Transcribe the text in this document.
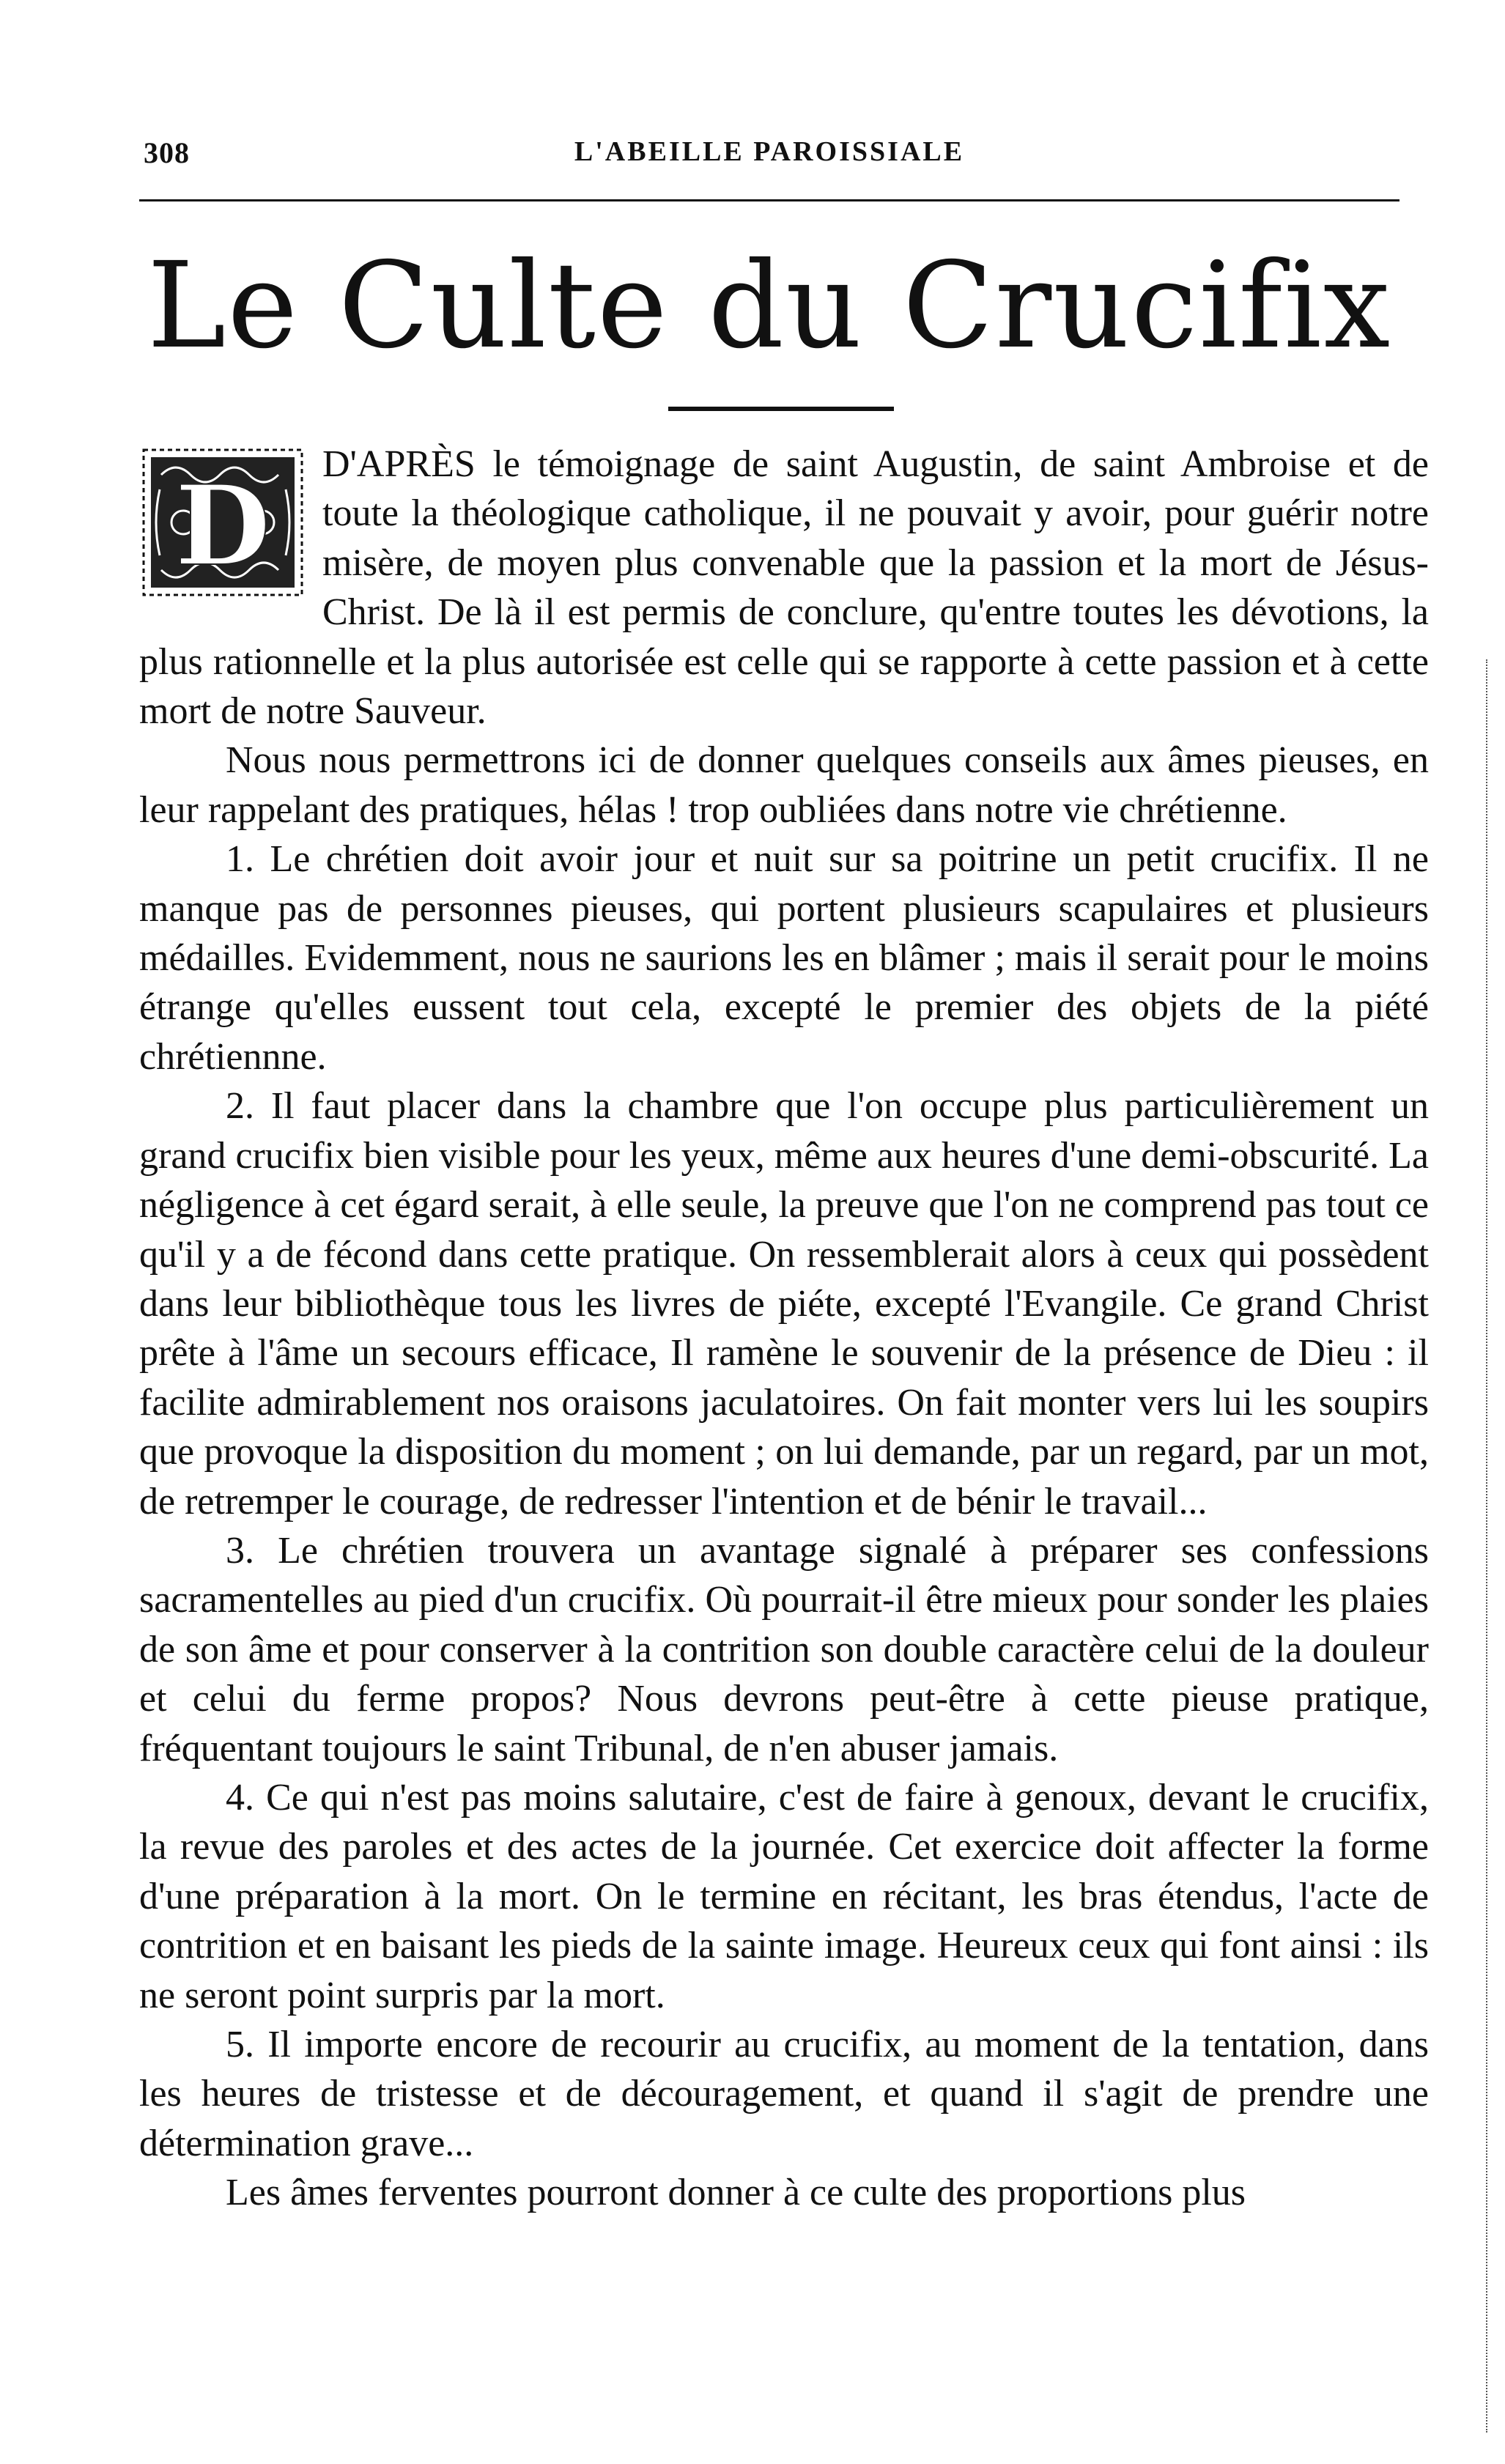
308	L'ABEILLE PAROISSIALE
Le Culte du Crucifix

D D'APRÈS le témoignage de saint Augustin, de saint Ambroise et de toute la théologique catholique, il ne pouvait y avoir, pour guérir notre misère, de moyen plus convenable que la passion et la mort de Jésus-Christ. De là il est permis de conclure, qu'entre toutes les dévotions, la plus rationnelle et la plus autorisée est celle qui se rapporte à cette passion et à cette mort de notre Sauveur.

Nous nous permettrons ici de donner quelques conseils aux âmes pieuses, en leur rappelant des pratiques, hélas ! trop oubliées dans notre vie chrétienne.

1. Le chrétien doit avoir jour et nuit sur sa poitrine un petit crucifix. Il ne manque pas de personnes pieuses, qui portent plusieurs scapulaires et plusieurs médailles. Evidemment, nous ne saurions les en blâmer ; mais il serait pour le moins étrange qu'elles eussent tout cela, excepté le premier des objets de la piété chrétiennne.

2. Il faut placer dans la chambre que l'on occupe plus particulièrement un grand crucifix bien visible pour les yeux, même aux heures d'une demi-obscurité. La négligence à cet égard serait, à elle seule, la preuve que l'on ne comprend pas tout ce qu'il y a de fécond dans cette pratique. On ressemblerait alors à ceux qui possèdent dans leur bibliothèque tous les livres de piéte, excepté l'Evangile. Ce grand Christ prête à l'âme un secours efficace, Il ramène le souvenir de la présence de Dieu : il facilite admirablement nos oraisons jaculatoires. On fait monter vers lui les soupirs que provoque la disposition du moment ; on lui demande, par un regard, par un mot, de retremper le courage, de redresser l'intention et de bénir le travail...

3. Le chrétien trouvera un avantage signalé à préparer ses confessions sacramentelles au pied d'un crucifix. Où pourrait-il être mieux pour sonder les plaies de son âme et pour conserver à la contrition son double caractère celui de la douleur et celui du ferme propos? Nous devrons peut-être à cette pieuse pratique, fréquentant toujours le saint Tribunal, de n'en abuser jamais.

4. Ce qui n'est pas moins salutaire, c'est de faire à genoux, devant le crucifix, la revue des paroles et des actes de la journée. Cet exercice doit affecter la forme d'une préparation à la mort. On le termine en récitant, les bras étendus, l'acte de contrition et en baisant les pieds de la sainte image. Heureux ceux qui font ainsi : ils ne seront point surpris par la mort.

5. Il importe encore de recourir au crucifix, au moment de la tentation, dans les heures de tristesse et de découragement, et quand il s'agit de prendre une détermination grave...

Les âmes ferventes pourront donner à ce culte des proportions plus
